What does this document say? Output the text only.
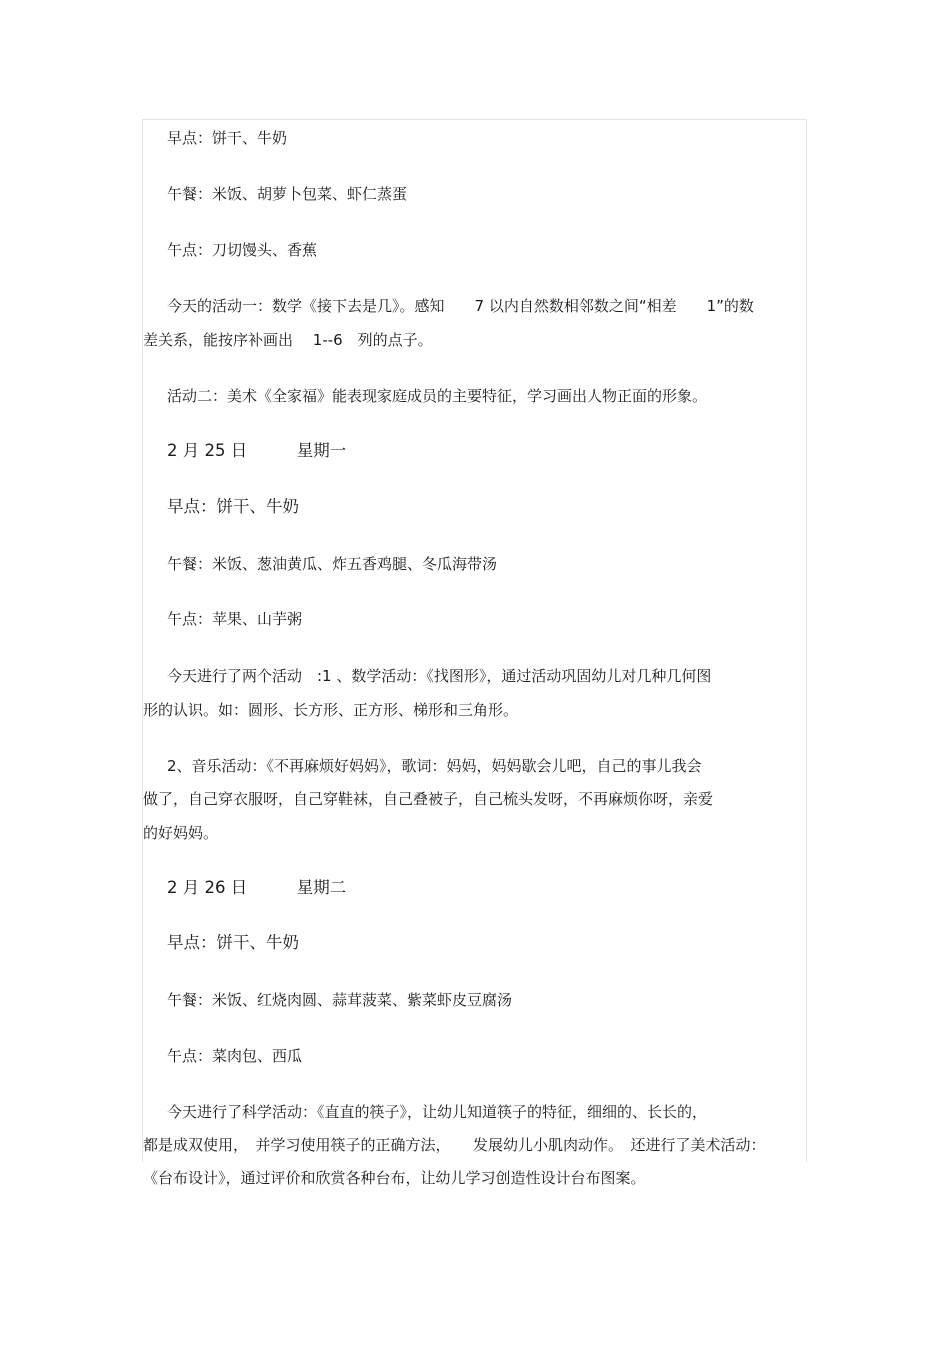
早点：饼干、牛奶
午餐：米饭、胡萝卜包菜、虾仁蒸蛋
午点：刀切馒头、香蕉
今天的活动一：数学《接下去是几》。感知　　7 以内自然数相邻数之间“相差　　1”的数
差关系，能按序补画出　 1--6　列的点子。
活动二：美术《全家福》能表现家庭成员的主要特征，学习画出人物正面的形象。
2 月 25 日　　　星期一
早点：饼干、牛奶
午餐：米饭、葱油黄瓜、炸五香鸡腿、冬瓜海带汤
午点：苹果、山芋粥
今天进行了两个活动　:1 、数学活动：《找图形》，通过活动巩固幼儿对几种几何图
形的认识。如：圆形、长方形、正方形、梯形和三角形。
2、音乐活动：《不再麻烦好妈妈》，歌词：妈妈，妈妈歇会儿吧，自己的事儿我会
做了，自己穿衣服呀，自己穿鞋袜，自己叠被子，自己梳头发呀，不再麻烦你呀，亲爱
的好妈妈。
2 月 26 日　　　星期二
早点：饼干、牛奶
午餐：米饭、红烧肉圆、蒜茸菠菜、紫菜虾皮豆腐汤
午点：菜肉包、西瓜
今天进行了科学活动：《直直的筷子》，让幼儿知道筷子的特征，细细的、长长的，
都是成双使用，　并学习使用筷子的正确方法，　　发展幼儿小肌肉动作。　还进行了美术活动：
《台布设计》，通过评价和欣赏各种台布，让幼儿学习创造性设计台布图案。
